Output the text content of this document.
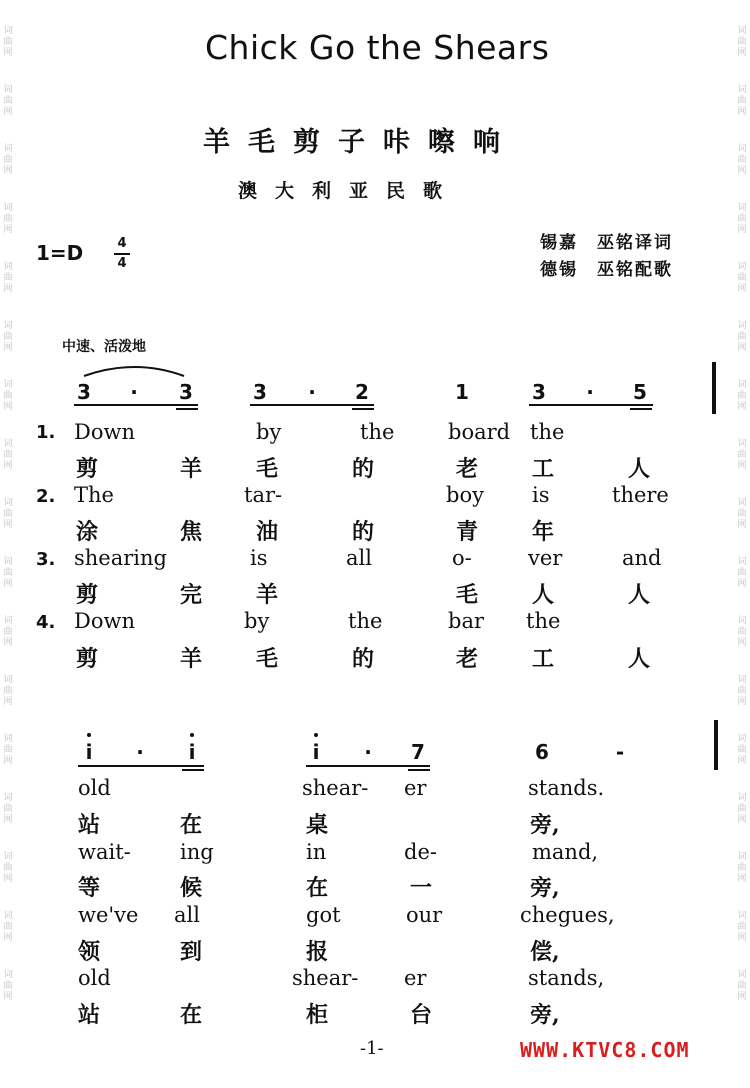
词
曲
网
词
曲
网
词
曲
网
词
曲
网
词
曲
网
词
曲
网
词
曲
网
词
曲
网
词
曲
网
词
曲
网
词
曲
网
词
曲
网
词
曲
网
词
曲
网
词
曲
网
词
曲
网
词
曲
网
词
曲
网
词
曲
网
词
曲
网
词
曲
网
词
曲
网
词
曲
网
词
曲
网
词
曲
网
词
曲
网
词
曲
网
词
曲
网
词
曲
网
词
曲
网
词
曲
网
词
曲
网
词
曲
网
词
曲
网
Chick Go the Shears
羊毛剪子咔嚓响
澳大利亚民歌
1=D	4
4
锡嘉　巫铭译词
德锡　巫铭配歌
中速、活泼地
3	·	3	3	·	2	1	3	·	5
1. Down	by	the	board the
剪	羊 毛	的	老 工	人
2. The	tar-	boy is	there
涂	焦 油	的	青 年
3. shearing	is	all	o-	ver	and
剪	完 羊	毛 人	人
4. Down	by	the	bar the
剪	羊 毛	的	老 工	人
i	·	i	i	·	7	6	-
old	shear- er	stands.
站	在	桌	旁,
wait- ing	in	de-	mand,
等	候	在	一	旁,
we've all	got	our	chegues,
领	到	报	偿,
old	shear- er	stands,
站	在	柜	台	旁,
-1-	WWW.KTVC8.COM
